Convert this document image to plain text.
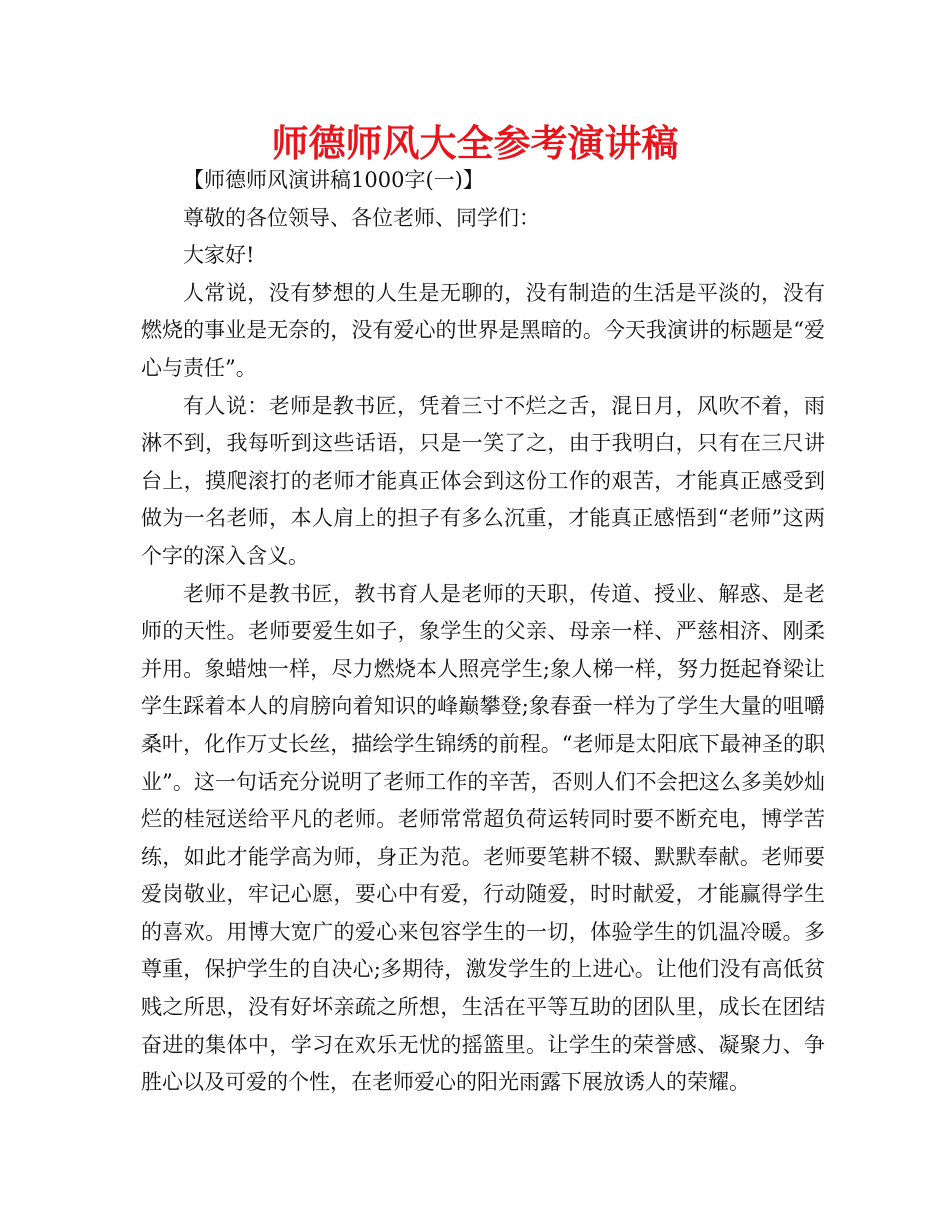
师德师风大全参考演讲稿

【师德师风演讲稿1000字(一)】

尊敬的各位领导、各位老师、同学们：

大家好!

人常说，没有梦想的人生是无聊的，没有制造的生活是平淡的，没有燃烧的事业是无奈的，没有爱心的世界是黑暗的。今天我演讲的标题是“爱心与责任”。

有人说：老师是教书匠，凭着三寸不烂之舌，混日月，风吹不着，雨淋不到，我每听到这些话语，只是一笑了之，由于我明白，只有在三尺讲台上，摸爬滚打的老师才能真正体会到这份工作的艰苦，才能真正感受到做为一名老师，本人肩上的担子有多么沉重，才能真正感悟到“老师”这两个字的深入含义。

老师不是教书匠，教书育人是老师的天职，传道、授业、解惑、是老师的天性。老师要爱生如子，象学生的父亲、母亲一样、严慈相济、刚柔并用。象蜡烛一样，尽力燃烧本人照亮学生;象人梯一样，努力挺起脊梁让学生踩着本人的肩膀向着知识的峰巅攀登;象春蚕一样为了学生大量的咀嚼桑叶，化作万丈长丝，描绘学生锦绣的前程。“老师是太阳底下最神圣的职业”。这一句话充分说明了老师工作的辛苦，否则人们不会把这么多美妙灿烂的桂冠送给平凡的老师。老师常常超负荷运转同时要不断充电，博学苦练，如此才能学高为师，身正为范。老师要笔耕不辍、默默奉献。老师要爱岗敬业，牢记心愿，要心中有爱，行动随爱，时时献爱，才能赢得学生的喜欢。用博大宽广的爱心来包容学生的一切，体验学生的饥温冷暖。多尊重，保护学生的自决心;多期待，激发学生的上进心。让他们没有高低贫贱之所思，没有好坏亲疏之所想，生活在平等互助的团队里，成长在团结奋进的集体中，学习在欢乐无忧的摇篮里。让学生的荣誉感、凝聚力、争胜心以及可爱的个性，在老师爱心的阳光雨露下展放诱人的荣耀。
